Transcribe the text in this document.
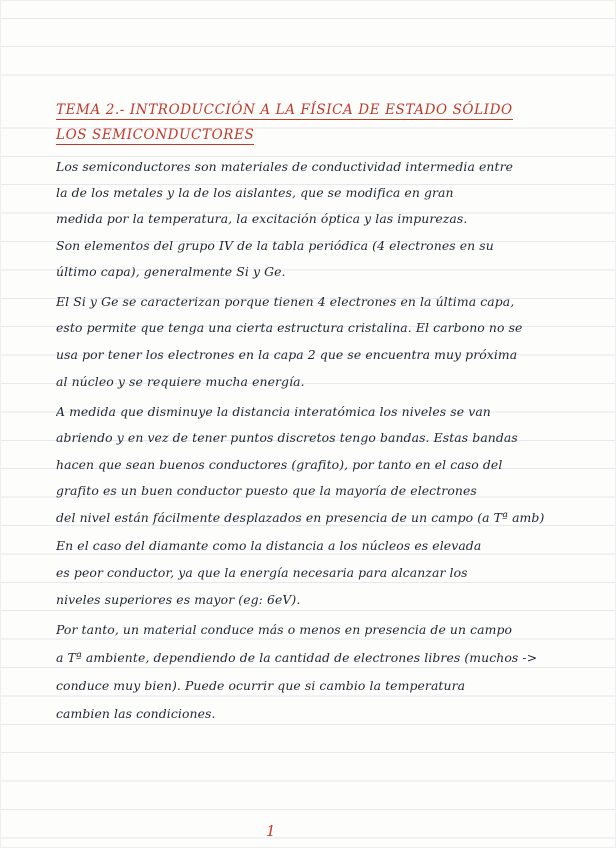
TEMA 2.- INTRODUCCIÓN A LA FÍSICA DE ESTADO SÓLIDO
LOS SEMICONDUCTORES
Los semiconductores son materiales de conductividad intermedia entre
la de los metales y la de los aislantes, que se modifica en gran
medida por la temperatura, la excitación óptica y las impurezas.
Son elementos del grupo IV de la tabla periódica (4 electrones en su
último capa), generalmente Si y Ge.
El Si y Ge se caracterizan porque tienen 4 electrones en la última capa,
esto permite que tenga una cierta estructura cristalina. El carbono no se
usa por tener los electrones en la capa 2 que se encuentra muy próxima
al núcleo y se requiere mucha energía.
A medida que disminuye la distancia interatómica los niveles se van
abriendo y en vez de tener puntos discretos tengo bandas. Estas bandas
hacen que sean buenos conductores (grafito), por tanto en el caso del
grafito es un buen conductor puesto que la mayoría de electrones
del nivel están fácilmente desplazados en presencia de un campo (a Tª amb)
En el caso del diamante como la distancia a los núcleos es elevada
es peor conductor, ya que la energía necesaria para alcanzar los
niveles superiores es mayor (eg: 6eV).
Por tanto, un material conduce más o menos en presencia de un campo
a Tª ambiente, dependiendo de la cantidad de electrones libres (muchos ->
conduce muy bien). Puede ocurrir que si cambio la temperatura
cambien las condiciones.
1
